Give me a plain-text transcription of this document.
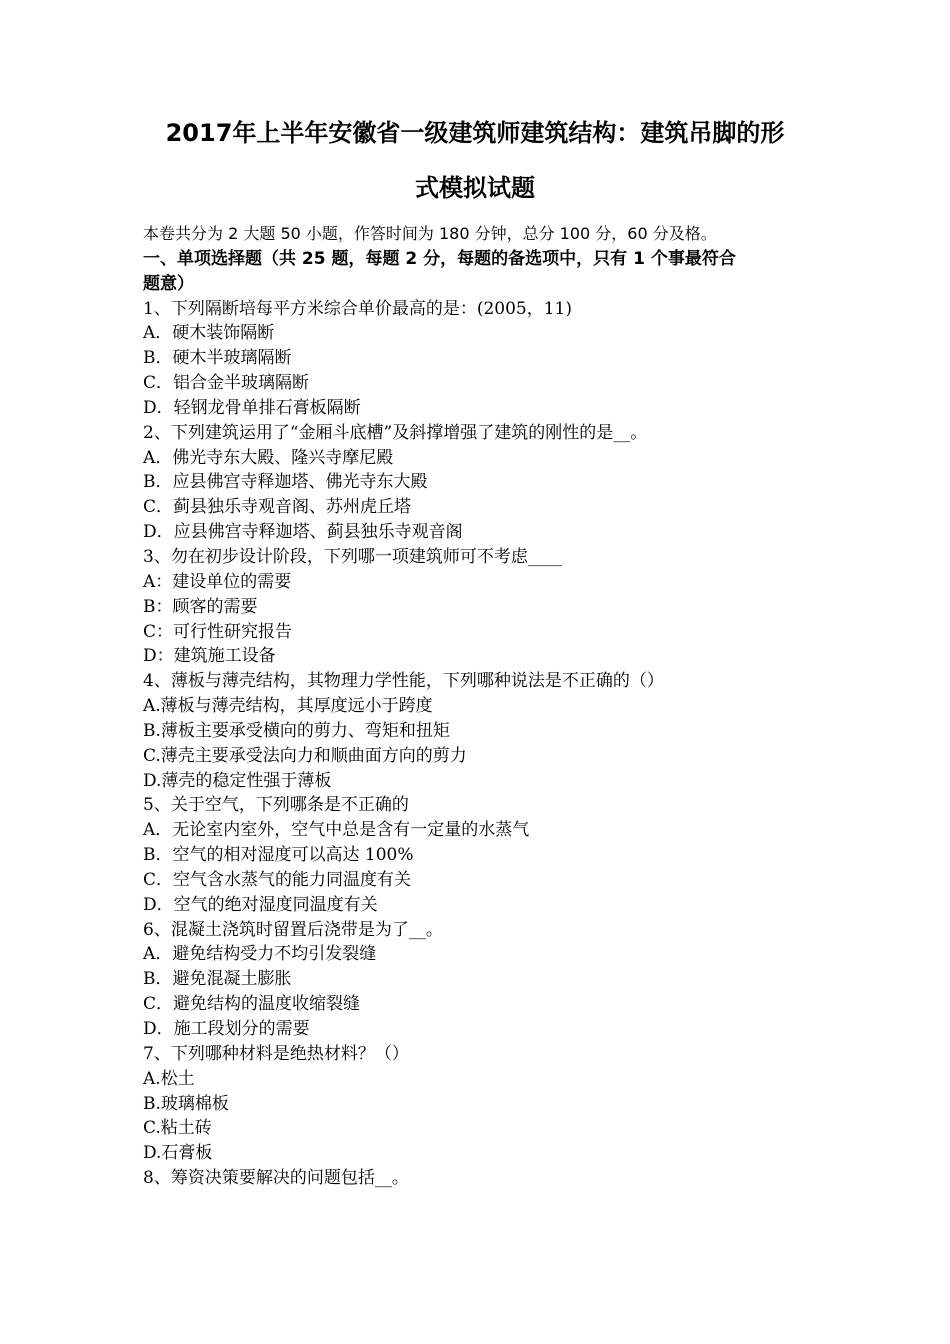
2017年上半年安徽省一级建筑师建筑结构：建筑吊脚的形
式模拟试题

本卷共分为 2 大题 50 小题，作答时间为 180 分钟，总分 100 分，60 分及格。

一、单项选择题（共 25 题，每题 2 分，每题的备选项中，只有 1 个事最符合
题意）

1、下列隔断培每平方米综合单价最高的是：(2005，11)

A．硬木装饰隔断

B．硬木半玻璃隔断

C．铝合金半玻璃隔断

D．轻钢龙骨单排石膏板隔断

2、下列建筑运用了“金厢斗底槽”及斜撑增强了建筑的刚性的是__。

A．佛光寺东大殿、隆兴寺摩尼殿

B．应县佛宫寺释迦塔、佛光寺东大殿

C．蓟县独乐寺观音阁、苏州虎丘塔

D．应县佛宫寺释迦塔、蓟县独乐寺观音阁

3、勿在初步设计阶段，下列哪一项建筑师可不考虑____

A：建设单位的需要

B：顾客的需要

C：可行性研究报告

D：建筑施工设备

4、薄板与薄壳结构，其物理力学性能，下列哪种说法是不正确的（）

A.薄板与薄壳结构，其厚度远小于跨度

B.薄板主要承受横向的剪力、弯矩和扭矩

C.薄壳主要承受法向力和顺曲面方向的剪力

D.薄壳的稳定性强于薄板

5、关于空气，下列哪条是不正确的

A．无论室内室外，空气中总是含有一定量的水蒸气

B．空气的相对湿度可以高达 100%

C．空气含水蒸气的能力同温度有关

D．空气的绝对湿度同温度有关

6、混凝土浇筑时留置后浇带是为了__。

A．避免结构受力不均引发裂缝

B．避免混凝土膨胀

C．避免结构的温度收缩裂缝

D．施工段划分的需要

7、下列哪种材料是绝热材料？（）

A.松土

B.玻璃棉板

C.粘土砖

D.石膏板

8、筹资决策要解决的问题包括__。
